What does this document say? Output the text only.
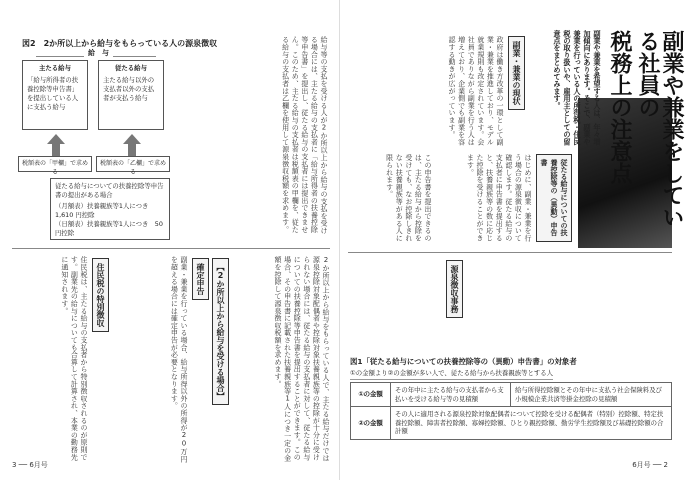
図2　2か所以上から給与をもらっている人の源泉徴収
給　与
主たる給与
「給与所得者の扶養控除等申告書」を提出している人に支払う給与
従たる給与
主たる給与以外の支払者以外の支払者が支払う給与
税額表の「甲欄」で求める
税額表の「乙欄」で求める
従たる給与についての扶養控除等申告書の提出がある場合
（月額表）扶養親族等1人につき　1,610 円控除
（日額表）扶養親族等1人につき　50 円控除	給与等の支払を受ける人が2か所以上から給与の支払を受ける場合には、主たる給与の支払者に「給与所得者の扶養控除等申告書」を提出し、従たる給与の支払者には提出できません。このため、主たる給与の支払者は税額表の甲欄を、従たる給与の支払者は乙欄を使用して源泉徴収税額を求めます。
2か所以上から給与をもらっている人で、主たる給与だけでは源泉控除対象配偶者や控除対象扶養親族等の控除が十分に受けられない場合には、従たる給与の支払者に対して、従たる給与についての扶養控除等申告書を提出することができます。この場合、その申告書に記載された扶養親族等1人につき一定の金額を控除して源泉徴収税額を求めます。
【2か所以上から給与を受ける場合】
確定申告
副業・兼業を行っている場合、給与所得以外の所得が20万円を超える場合には確定申告が必要となります。
住民税の特別徴収
住民税は、主たる給与の支払者から特別徴収されるのが原則です。副業先の給与についても合算して計算され、本業の勤務先に通知されます。
3 ── 6月号
副業や兼業をしている社員の
税務上の注意点
副業や兼業を希望する人は、年々増加傾向にあります。そこで、副業や兼業を行っている人の所得税・住民税の取り扱いや、雇用主としての留意点をまとめてみます。
副業・兼業の現状
政府は働き方改革の一環として副業・兼業を推進しており、モデル就業規則も改定されています。会社員でありながら副業を行う人は増えており、企業側でも副業を容認する動きが広がっています。
従たる給与についての扶養控除等の（異動）申告書
はじめに、副業・兼業を行う場合の源泉徴収について確認します。従たる給与の支払者に申告書を提出すると、扶養親族等の数に応じた控除を受けることができます。
この申告書を提出できるのは、主たる給与から控除を受けても、なお控除しきれない扶養親族等がある人に限られます。
源泉徴収事務
図1「従たる給与についての扶養控除等の（異動）申告書」の対象者
①の金額より②の金額が多い人で、従たる給与から扶養親族等とする人
①の金額	その年中に主たる給与の支払者から支払いを受ける給与等の見積額	給与所得控除額とその年中に支払う社会保険料及び小規模企業共済等掛金控除の見積額
②の金額	その人に適用される源泉控除対象配偶者について控除を受ける配偶者（特別）控除額、特定扶養控除額、障害者控除額、寡婦控除額、ひとり親控除額、勤労学生控除額及び基礎控除額の合計額	
6月号 ── 2
